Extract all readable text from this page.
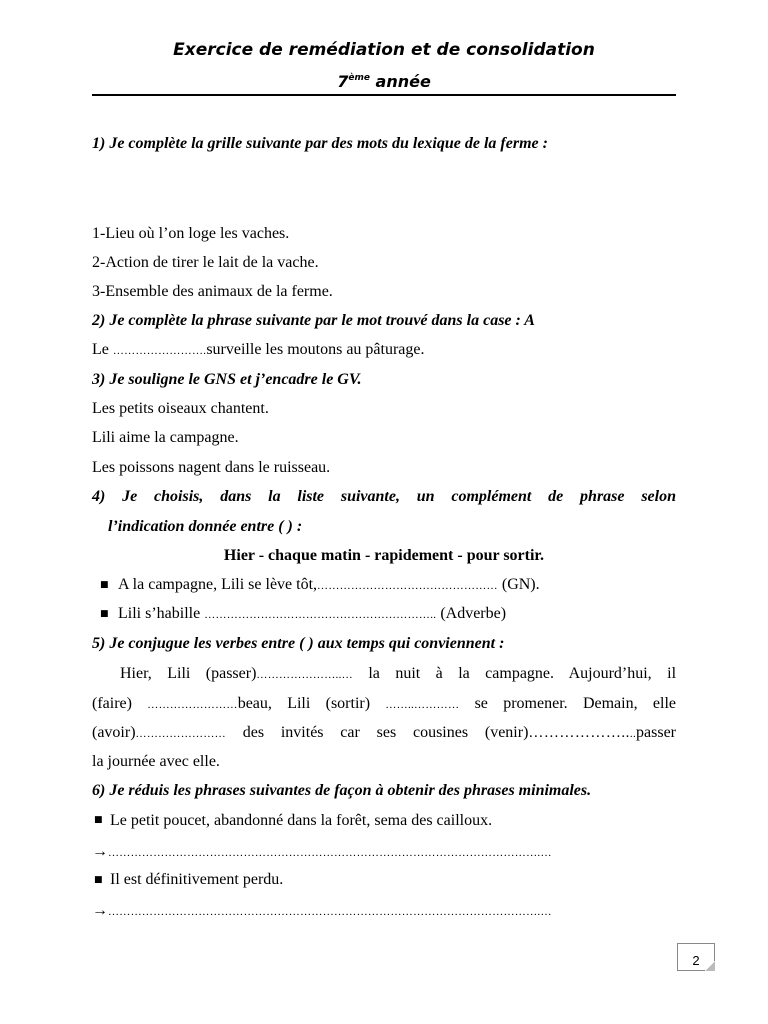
Exercice de remédiation et de consolidation
7ème année
1) Je complète la grille suivante par des mots du lexique de la ferme :
1-Lieu où l’on loge les vaches.
2-Action de tirer le lait de la vache.
3-Ensemble des animaux de la ferme.
2) Je complète la phrase suivante par le mot trouvé dans la case : A
Le …………………….surveille les moutons au pâturage.
3) Je souligne le GNS et j’encadre le GV.
Les petits oiseaux chantent.
Lili aime la campagne.
Les poissons nagent dans le ruisseau.
4) Je choisis, dans la liste suivante, un complément de phrase selon
l’indication donnée entre ( ) :
Hier - chaque matin - rapidement - pour sortir.
■ A la campagne, Lili se lève tôt,………………………………………… (GN).
■ Lili s’habille …………………………………………………….. (Adverbe)
5) Je conjugue les verbes entre ( ) aux temps qui conviennent :
Hier, Lili (passer)…………………..… la nuit à la campagne. Aujourd’hui, il
(faire) ……………………beau, Lili (sortir) ……..………… se promener. Demain, elle
(avoir)…………………… des invités car ses cousines (venir)………………....passer
la journée avec elle.
6) Je réduis les phrases suivantes de façon à obtenir des phrases minimales.
■ Le petit poucet, abandonné dans la forêt, sema des cailloux.
→…………………………………………………………………………………………………….…
■ Il est définitivement perdu.
→…………………………………………………………………………………………………….…
2
